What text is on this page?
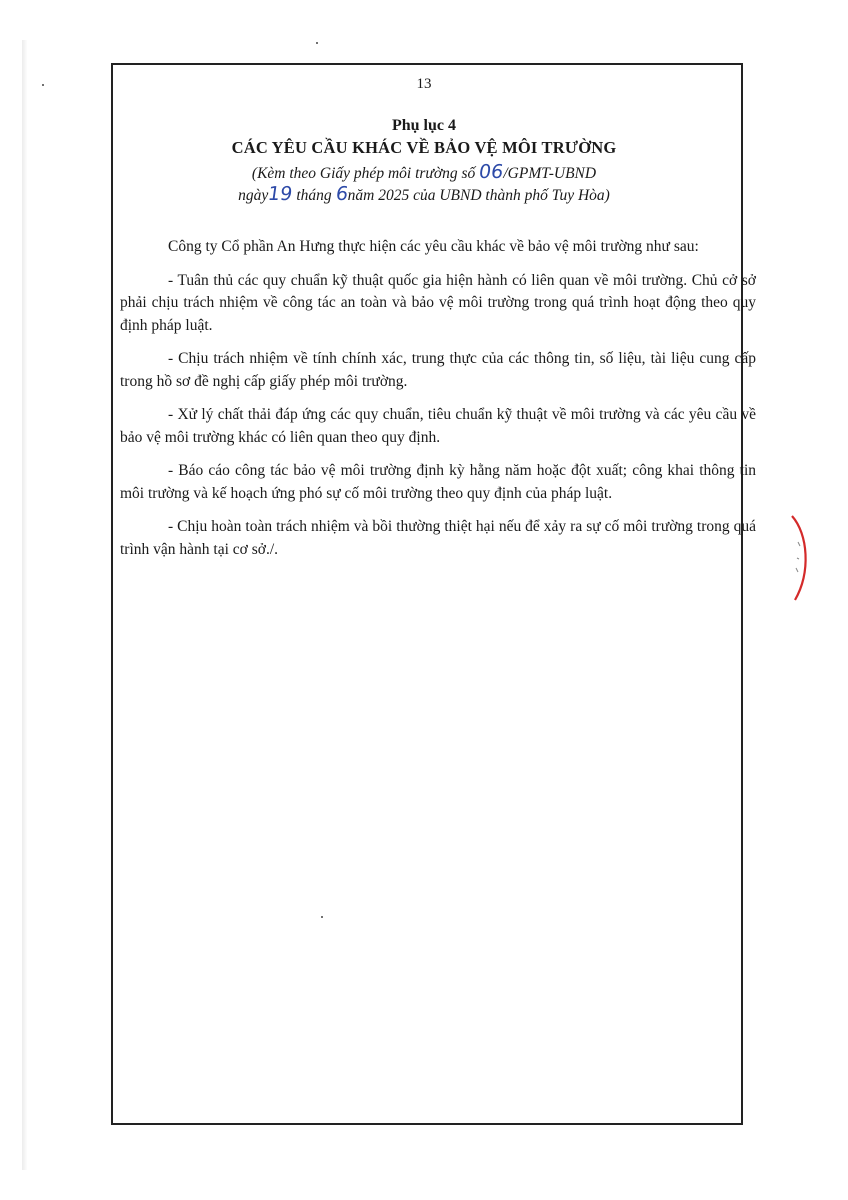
13
Phụ lục 4
CÁC YÊU CẦU KHÁC VỀ BẢO VỆ MÔI TRƯỜNG
(Kèm theo Giấy phép môi trường số 06/GPMT-UBND
ngày19 tháng 6năm 2025 của UBND thành phố Tuy Hòa)

Công ty Cổ phần An Hưng thực hiện các yêu cầu khác về bảo vệ môi trường như sau:

- Tuân thủ các quy chuẩn kỹ thuật quốc gia hiện hành có liên quan về môi trường. Chủ cở sở phải chịu trách nhiệm về công tác an toàn và bảo vệ môi trường trong quá trình hoạt động theo quy định pháp luật.

- Chịu trách nhiệm về tính chính xác, trung thực của các thông tin, số liệu, tài liệu cung cấp trong hồ sơ đề nghị cấp giấy phép môi trường.

- Xử lý chất thải đáp ứng các quy chuẩn, tiêu chuẩn kỹ thuật về môi trường và các yêu cầu về bảo vệ môi trường khác có liên quan theo quy định.

- Báo cáo công tác bảo vệ môi trường định kỳ hằng năm hoặc đột xuất; công khai thông tin môi trường và kế hoạch ứng phó sự cố môi trường theo quy định của pháp luật.

- Chịu hoàn toàn trách nhiệm và bồi thường thiệt hại nếu để xảy ra sự cố môi trường trong quá trình vận hành tại cơ sở./.
